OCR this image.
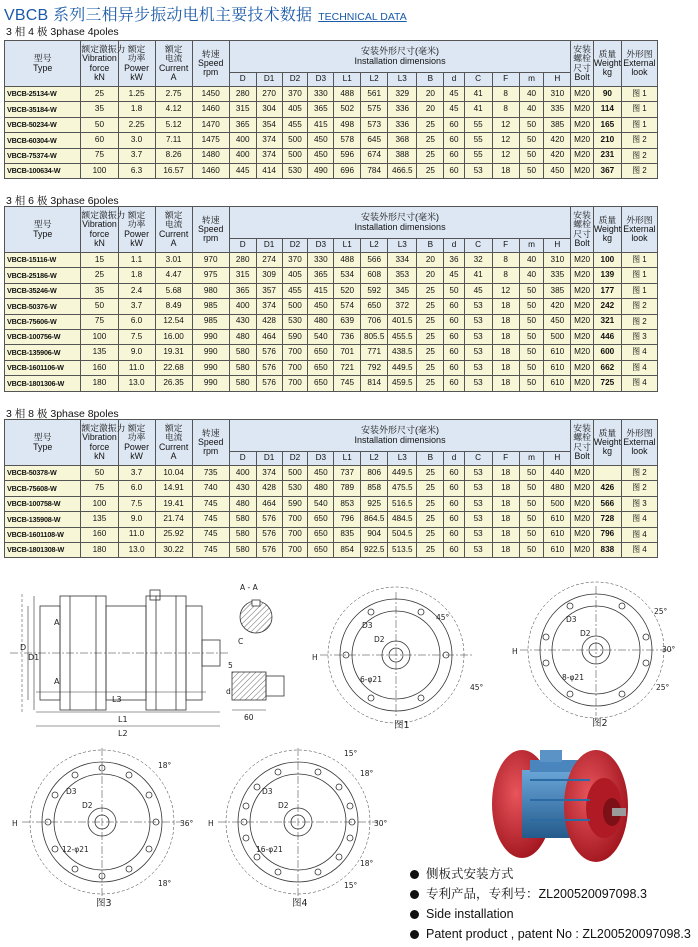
VBCB 系列三相异步振动电机主要技术数据 TECHNICAL DATA
3 相 4 极 3phase 4poles
型号
Type	额定激振力
Vibration
force
kN	额定
功率
Power
kW	额定
电流
Current
A	转速
Speed
rpm	安装外形尺寸(毫米)
Installation dimensions													安装
螺栓
尺寸
Bolt	质量
Weight
kg	外形图
External
look
					D	D1	D2	D3	L1	L2	L3	B	d	C	F	m	H			
VBCB-25134-W	25	1.25	2.75	1450	280	270	370	330	488	561	329	20	45	41	8	40	310	M20	90	图 1
VBCB-35184-W	35	1.8	4.12	1460	315	304	405	365	502	575	336	20	45	41	8	40	335	M20	114	图 1
VBCB-50234-W	50	2.25	5.12	1470	365	354	455	415	498	573	336	25	60	55	12	50	385	M20	165	图 1
VBCB-60304-W	60	3.0	7.11	1475	400	374	500	450	578	645	368	25	60	55	12	50	420	M20	210	图 2
VBCB-75374-W	75	3.7	8.26	1480	400	374	500	450	596	674	388	25	60	55	12	50	420	M20	231	图 2
VBCB-100634-W	100	6.3	16.57	1460	445	414	530	490	696	784	466.5	25	60	53	18	50	450	M20	367	图 2
3 相 6 极 3phase 6poles
型号
Type	额定激振力
Vibration
force
kN	额定
功率
Power
kW	额定
电流
Current
A	转速
Speed
rpm	安装外形尺寸(毫米)
Installation dimensions													安装
螺栓
尺寸
Bolt	质量
Weight
kg	外形图
External
look
					D	D1	D2	D3	L1	L2	L3	B	d	C	F	m	H			
VBCB-15116-W	15	1.1	3.01	970	280	274	370	330	488	566	334	20	36	32	8	40	310	M20	100	图 1
VBCB-25186-W	25	1.8	4.47	975	315	309	405	365	534	608	353	20	45	41	8	40	335	M20	139	图 1
VBCB-35246-W	35	2.4	5.68	980	365	357	455	415	520	592	345	25	50	45	12	50	385	M20	177	图 1
VBCB-50376-W	50	3.7	8.49	985	400	374	500	450	574	650	372	25	60	53	18	50	420	M20	242	图 2
VBCB-75606-W	75	6.0	12.54	985	430	428	530	480	639	706	401.5	25	60	53	18	50	450	M20	321	图 2
VBCB-100756-W	100	7.5	16.00	990	480	464	590	540	736	805.5	455.5	25	60	53	18	50	500	M20	446	图 3
VBCB-135906-W	135	9.0	19.31	990	580	576	700	650	701	771	438.5	25	60	53	18	50	610	M20	600	图 4
VBCB-1601106-W	160	11.0	22.68	990	580	576	700	650	721	792	449.5	25	60	53	18	50	610	M20	662	图 4
VBCB-1801306-W	180	13.0	26.35	990	580	576	700	650	745	814	459.5	25	60	53	18	50	610	M20	725	图 4
3 相 8 极 3phase 8poles
型号
Type	额定激振力
Vibration
force
kN	额定
功率
Power
kW	额定
电流
Current
A	转速
Speed
rpm	安装外形尺寸(毫米)
Installation dimensions													安装
螺栓
尺寸
Bolt	质量
Weight
kg	外形图
External
look
					D	D1	D2	D3	L1	L2	L3	B	d	C	F	m	H			
VBCB-50378-W	50	3.7	10.04	735	400	374	500	450	737	806	449.5	25	60	53	18	50	440	M20		图 2
VBCB-75608-W	75	6.0	14.91	740	430	428	530	480	789	858	475.5	25	60	53	18	50	480	M20	426	图 2
VBCB-100758-W	100	7.5	19.41	745	480	464	590	540	853	925	516.5	25	60	53	18	50	500	M20	566	图 3
VBCB-135908-W	135	9.0	21.74	745	580	576	700	650	796	864.5	484.5	25	60	53	18	50	610	M20	728	图 4
VBCB-1601108-W	160	11.0	25.92	745	580	576	700	650	835	904	504.5	25	60	53	18	50	610	M20	796	图 4
VBCB-1801308-W	180	13.0	30.22	745	580	576	700	650	854	922.5	513.5	25	60	53	18	50	610	M20	838	图 4
A
A
D
D1
L3
L1
L2
A - A
C
5
d
60
45°
45°
6-φ21
D2
D3
H
图1
25°
30°
25°
8-φ21
D2
D3
H
图2
18°
36°
18°
12-φ21
D2
D3
H
图3
15°
18°
30°
18°
15°
16-φ21
D2
D3
H
图4
侧板式安装方式
专利产品，专利号：ZL200520097098.3
Side installation
Patent product , patent No : ZL200520097098.3
